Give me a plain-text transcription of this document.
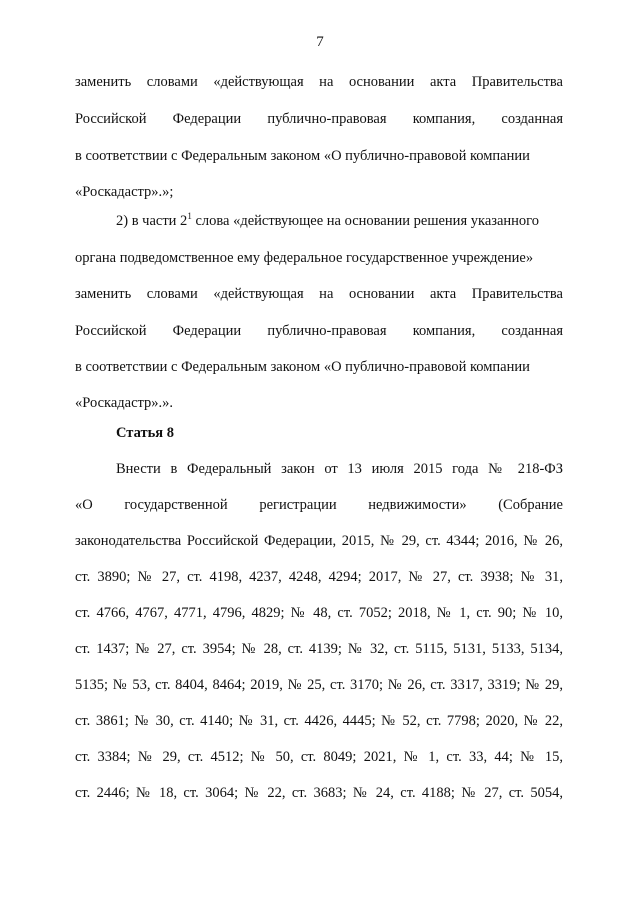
7
заменить словами «действующая на основании акта Правительства
Российской Федерации публично-правовая компания, созданная
в соответствии с Федеральным законом «О публично-правовой компании
«Роскадастр».»;
2) в части $2^1$ слова «действующее на основании решения указанного
органа подведомственное ему федеральное государственное учреждение»
заменить словами «действующая на основании акта Правительства
Российской Федерации публично-правовая компания, созданная
в соответствии с Федеральным законом «О публично-правовой компании
«Роскадастр».».
Статья 8
Внести в Федеральный закон от 13 июля 2015 года № 218-ФЗ
«О государственной регистрации недвижимости» (Собрание
законодательства Российской Федерации, 2015, № 29, ст. 4344; 2016, № 26,
ст. 3890; № 27, ст. 4198, 4237, 4248, 4294; 2017, № 27, ст. 3938; № 31,
ст. 4766, 4767, 4771, 4796, 4829; № 48, ст. 7052; 2018, № 1, ст. 90; № 10,
ст. 1437; № 27, ст. 3954; № 28, ст. 4139; № 32, ст. 5115, 5131, 5133, 5134,
5135; № 53, ст. 8404, 8464; 2019, № 25, ст. 3170; № 26, ст. 3317, 3319; № 29,
ст. 3861; № 30, ст. 4140; № 31, ст. 4426, 4445; № 52, ст. 7798; 2020, № 22,
ст. 3384; № 29, ст. 4512; № 50, ст. 8049; 2021, № 1, ст. 33, 44; № 15,
ст. 2446; № 18, ст. 3064; № 22, ст. 3683; № 24, ст. 4188; № 27, ст. 5054,
